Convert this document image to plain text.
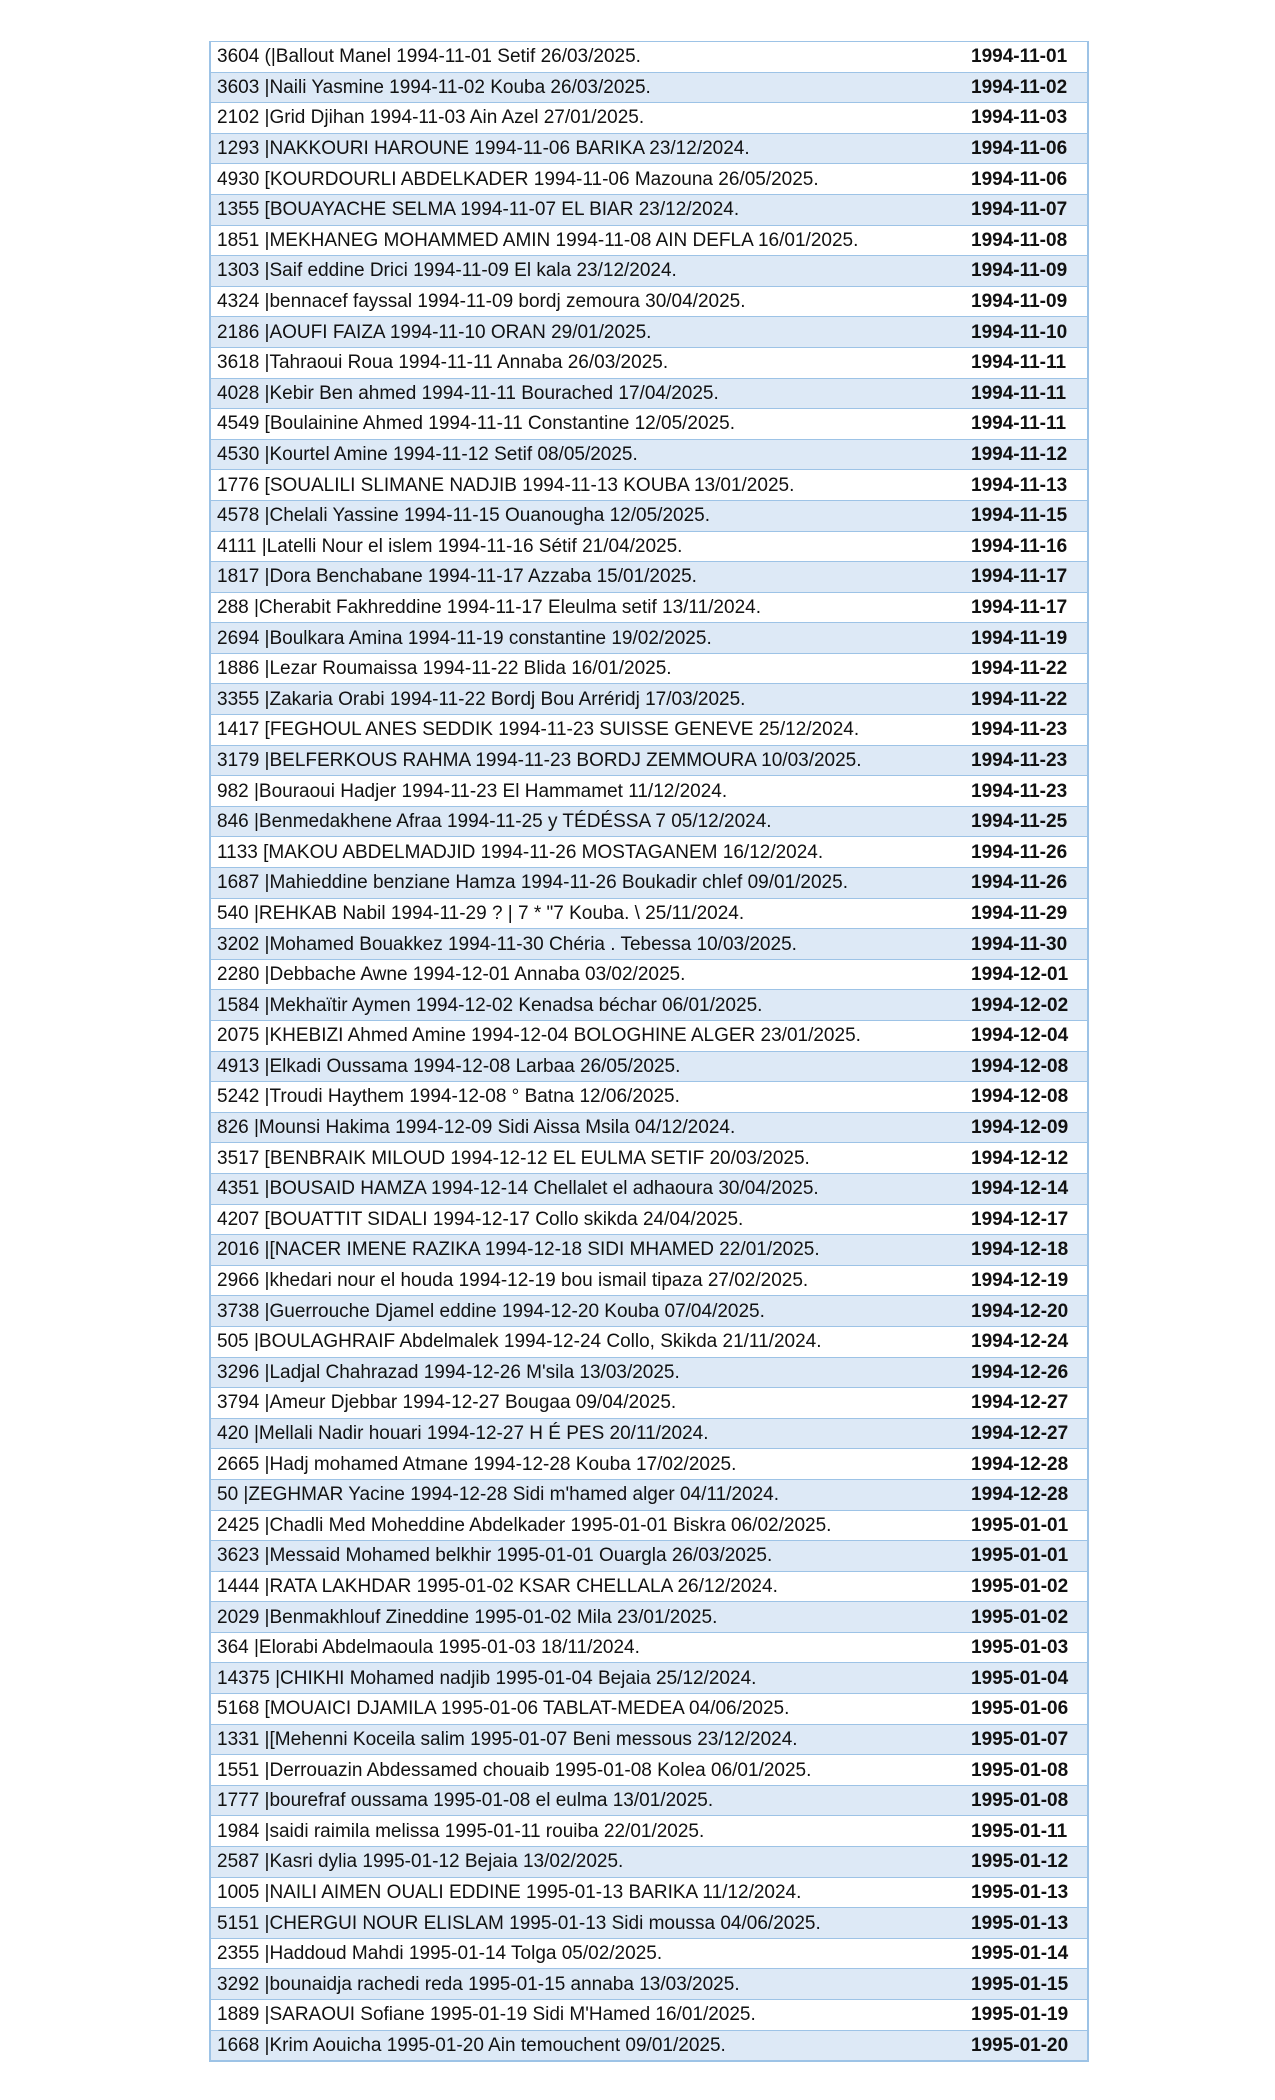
3604 (|Ballout Manel 1994-11-01 Setif 26/03/2025.	1994-11-01
3603 |Naili Yasmine 1994-11-02 Kouba 26/03/2025.	1994-11-02
2102 |Grid Djihan 1994-11-03 Ain Azel 27/01/2025.	1994-11-03
1293 |NAKKOURI HAROUNE 1994-11-06 BARIKA 23/12/2024.	1994-11-06
4930 [KOURDOURLI ABDELKADER 1994-11-06 Mazouna 26/05/2025.	1994-11-06
1355 [BOUAYACHE SELMA 1994-11-07 EL BIAR 23/12/2024.	1994-11-07
1851 |MEKHANEG MOHAMMED AMIN 1994-11-08 AIN DEFLA 16/01/2025.	1994-11-08
1303 |Saif eddine Drici 1994-11-09 El kala 23/12/2024.	1994-11-09
4324 |bennacef fayssal 1994-11-09 bordj zemoura 30/04/2025.	1994-11-09
2186 |AOUFI FAIZA 1994-11-10 ORAN 29/01/2025.	1994-11-10
3618 |Tahraoui Roua 1994-11-11 Annaba 26/03/2025.	1994-11-11
4028 |Kebir Ben ahmed 1994-11-11 Bourached 17/04/2025.	1994-11-11
4549 [Boulainine Ahmed 1994-11-11 Constantine 12/05/2025.	1994-11-11
4530 |Kourtel Amine 1994-11-12 Setif 08/05/2025.	1994-11-12
1776 [SOUALILI SLIMANE NADJIB 1994-11-13 KOUBA 13/01/2025.	1994-11-13
4578 |Chelali Yassine 1994-11-15 Ouanougha 12/05/2025.	1994-11-15
4111 |Latelli Nour el islem 1994-11-16 Sétif 21/04/2025.	1994-11-16
1817 |Dora Benchabane 1994-11-17 Azzaba 15/01/2025.	1994-11-17
288 |Cherabit Fakhreddine 1994-11-17 Eleulma setif 13/11/2024.	1994-11-17
2694 |Boulkara Amina 1994-11-19 constantine 19/02/2025.	1994-11-19
1886 |Lezar Roumaissa 1994-11-22 Blida 16/01/2025.	1994-11-22
3355 |Zakaria Orabi 1994-11-22 Bordj Bou Arréridj 17/03/2025.	1994-11-22
1417 [FEGHOUL ANES SEDDIK 1994-11-23 SUISSE GENEVE 25/12/2024.	1994-11-23
3179 |BELFERKOUS RAHMA 1994-11-23 BORDJ ZEMMOURA 10/03/2025.	1994-11-23
982 |Bouraoui Hadjer 1994-11-23 El Hammamet 11/12/2024.	1994-11-23
846 |Benmedakhene Afraa 1994-11-25 y TÉDÉSSA 7 05/12/2024.	1994-11-25
1133 [MAKOU ABDELMADJID 1994-11-26 MOSTAGANEM 16/12/2024.	1994-11-26
1687 |Mahieddine benziane Hamza 1994-11-26 Boukadir chlef 09/01/2025.	1994-11-26
540 |REHKAB Nabil 1994-11-29 ? | 7 * "7 Kouba. \ 25/11/2024.	1994-11-29
3202 |Mohamed Bouakkez 1994-11-30 Chéria . Tebessa 10/03/2025.	1994-11-30
2280 |Debbache Awne 1994-12-01 Annaba 03/02/2025.	1994-12-01
1584 |Mekhaïtir Aymen 1994-12-02 Kenadsa béchar 06/01/2025.	1994-12-02
2075 |KHEBIZI Ahmed Amine 1994-12-04 BOLOGHINE ALGER 23/01/2025.	1994-12-04
4913 |Elkadi Oussama 1994-12-08 Larbaa 26/05/2025.	1994-12-08
5242 |Troudi Haythem 1994-12-08 ° Batna 12/06/2025.	1994-12-08
826 |Mounsi Hakima 1994-12-09 Sidi Aissa Msila 04/12/2024.	1994-12-09
3517 [BENBRAIK MILOUD 1994-12-12 EL EULMA SETIF 20/03/2025.	1994-12-12
4351 |BOUSAID HAMZA 1994-12-14 Chellalet el adhaoura 30/04/2025.	1994-12-14
4207 [BOUATTIT SIDALI 1994-12-17 Collo skikda 24/04/2025.	1994-12-17
2016 |[NACER IMENE RAZIKA 1994-12-18 SIDI MHAMED 22/01/2025.	1994-12-18
2966 |khedari nour el houda 1994-12-19 bou ismail tipaza 27/02/2025.	1994-12-19
3738 |Guerrouche Djamel eddine 1994-12-20 Kouba 07/04/2025.	1994-12-20
505 |BOULAGHRAIF Abdelmalek 1994-12-24 Collo, Skikda 21/11/2024.	1994-12-24
3296 |Ladjal Chahrazad 1994-12-26 M'sila 13/03/2025.	1994-12-26
3794 |Ameur Djebbar 1994-12-27 Bougaa 09/04/2025.	1994-12-27
420 |Mellali Nadir houari 1994-12-27 H É PES 20/11/2024.	1994-12-27
2665 |Hadj mohamed Atmane 1994-12-28 Kouba 17/02/2025.	1994-12-28
50 |ZEGHMAR Yacine 1994-12-28 Sidi m'hamed alger 04/11/2024.	1994-12-28
2425 |Chadli Med Moheddine Abdelkader 1995-01-01 Biskra 06/02/2025.	1995-01-01
3623 |Messaid Mohamed belkhir 1995-01-01 Ouargla 26/03/2025.	1995-01-01
1444 |RATA LAKHDAR 1995-01-02 KSAR CHELLALA 26/12/2024.	1995-01-02
2029 |Benmakhlouf Zineddine 1995-01-02 Mila 23/01/2025.	1995-01-02
364 |Elorabi Abdelmaoula 1995-01-03 18/11/2024.	1995-01-03
14375 |CHIKHI Mohamed nadjib 1995-01-04 Bejaia 25/12/2024.	1995-01-04
5168 [MOUAICI DJAMILA 1995-01-06 TABLAT-MEDEA 04/06/2025.	1995-01-06
1331 |[Mehenni Koceila salim 1995-01-07 Beni messous 23/12/2024.	1995-01-07
1551 |Derrouazin Abdessamed chouaib 1995-01-08 Kolea 06/01/2025.	1995-01-08
1777 |bourefraf oussama 1995-01-08 el eulma 13/01/2025.	1995-01-08
1984 |saidi raimila melissa 1995-01-11 rouiba 22/01/2025.	1995-01-11
2587 |Kasri dylia 1995-01-12 Bejaia 13/02/2025.	1995-01-12
1005 |NAILI AIMEN OUALI EDDINE 1995-01-13 BARIKA 11/12/2024.	1995-01-13
5151 |CHERGUI NOUR ELISLAM 1995-01-13 Sidi moussa 04/06/2025.	1995-01-13
2355 |Haddoud Mahdi 1995-01-14 Tolga 05/02/2025.	1995-01-14
3292 |bounaidja rachedi reda 1995-01-15 annaba 13/03/2025.	1995-01-15
1889 |SARAOUI Sofiane 1995-01-19 Sidi M'Hamed 16/01/2025.	1995-01-19
1668 |Krim Aouicha 1995-01-20 Ain temouchent 09/01/2025.	1995-01-20
